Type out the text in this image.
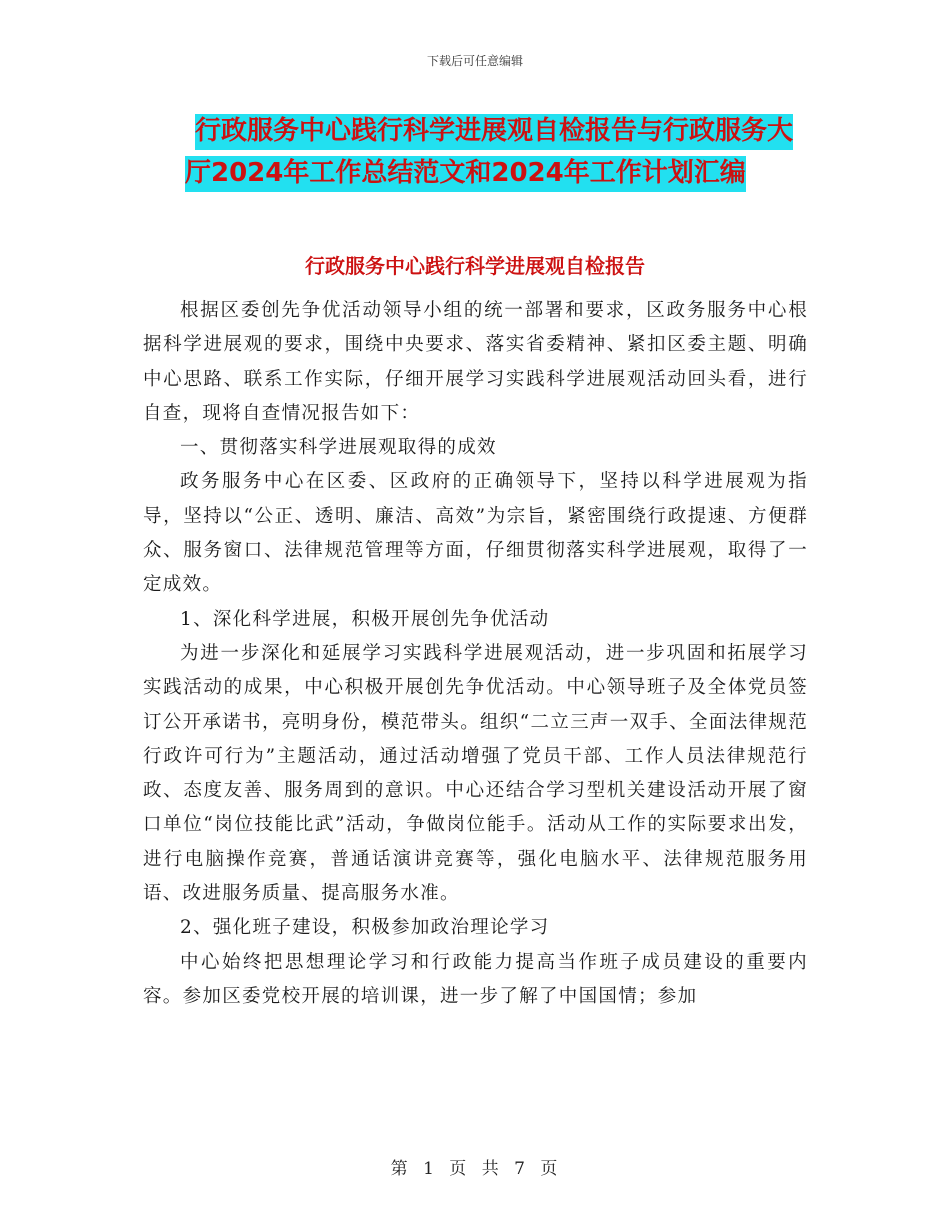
下载后可任意编辑
行政服务中心践行科学进展观自检报告与行政服务大
厅2024年工作总结范文和2024年工作计划汇编
行政服务中心践行科学进展观自检报告

根据区委创先争优活动领导小组的统一部署和要求，区政务服务中心根据科学进展观的要求，围绕中央要求、落实省委精神、紧扣区委主题、明确中心思路、联系工作实际，仔细开展学习实践科学进展观活动回头看，进行自查，现将自查情况报告如下：

一、贯彻落实科学进展观取得的成效

政务服务中心在区委、区政府的正确领导下，坚持以科学进展观为指导，坚持以“公正、透明、廉洁、高效”为宗旨，紧密围绕行政提速、方便群众、服务窗口、法律规范管理等方面，仔细贯彻落实科学进展观，取得了一定成效。

1、深化科学进展，积极开展创先争优活动

为进一步深化和延展学习实践科学进展观活动，进一步巩固和拓展学习实践活动的成果，中心积极开展创先争优活动。中心领导班子及全体党员签订公开承诺书，亮明身份，模范带头。组织“二立三声一双手、全面法律规范行政许可行为”主题活动，通过活动增强了党员干部、工作人员法律规范行政、态度友善、服务周到的意识。中心还结合学习型机关建设活动开展了窗口单位“岗位技能比武”活动，争做岗位能手。活动从工作的实际要求出发，进行电脑操作竞赛，普通话演讲竞赛等，强化电脑水平、法律规范服务用语、改进服务质量、提高服务水准。

2、强化班子建设，积极参加政治理论学习

中心始终把思想理论学习和行政能力提高当作班子成员建设的重要内容。参加区委党校开展的培训课，进一步了解了中国国情；参加

第 1 页 共 7 页
